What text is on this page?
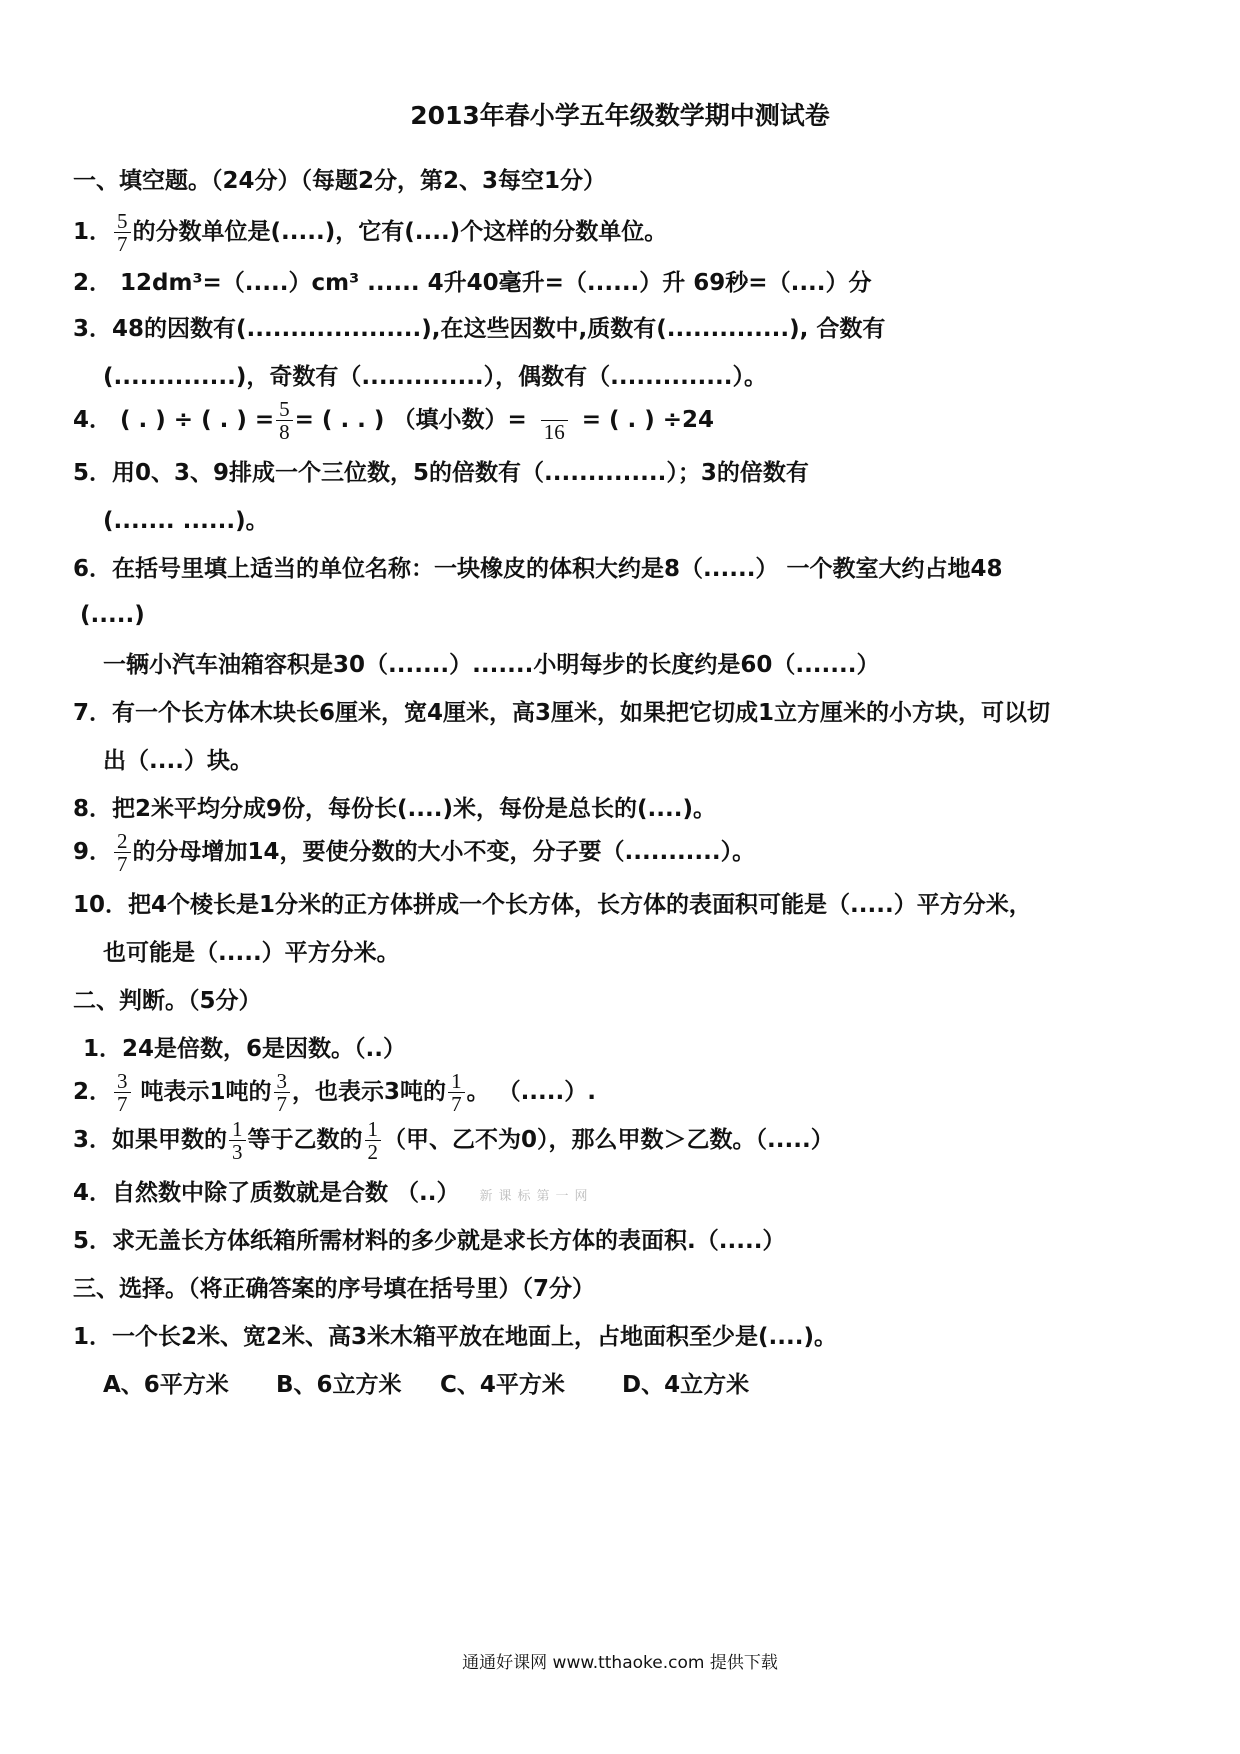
2013年春小学五年级数学期中测试卷
一、填空题。（24分）（每题2分，第2、3每空1分）
1． $\frac{5}{7}$ 的分数单位是(.....)，它有(....)个这样的分数单位。
2． 12dm³=（.....）cm³ ...... 4升40毫升=（......）升 69秒=（....）分
3．48的因数有(....................),在这些因数中,质数有(..............), 合数有
(..............)，奇数有（..............），偶数有（..............）。
4． ( . ) ÷ ( . ) = $\frac{5}{8}$ = ( . . ) （填小数）= 16 = ( . ) ÷24
5．用0、3、9排成一个三位数，5的倍数有（..............）；3的倍数有
(....... ......)。
6．在括号里填上适当的单位名称：一块橡皮的体积大约是8（......） 一个教室大约占地48
(.....)
一辆小汽车油箱容积是30（.......）.......小明每步的长度约是60（.......）
7．有一个长方体木块长6厘米，宽4厘米，高3厘米，如果把它切成1立方厘米的小方块，可以切
出（....）块。
8．把2米平均分成9份，每份长(....)米，每份是总长的(....)。
9． $\frac{2}{7}$ 的分母增加14，要使分数的大小不变，分子要（...........）。
10．把4个棱长是1分米的正方体拼成一个长方体，长方体的表面积可能是（.....）平方分米，
也可能是（.....）平方分米。
二、判断。（5分）
1．24是倍数，6是因数。（..）
2． $\frac{3}{7}$ 吨表示1吨的 $\frac{3}{7}$ ，也表示3吨的 $\frac{1}{7}$ 。 （.....）.
3．如果甲数的 $\frac{1}{3}$ 等于乙数的 $\frac{1}{2}$ （甲、乙不为0），那么甲数＞乙数。（.....）
4．自然数中除了质数就是合数 （..） 新课标第一网
5．求无盖长方体纸箱所需材料的多少就是求长方体的表面积.（.....）
三、选择。（将正确答案的序号填在括号里）（7分）
1．一个长2米、宽2米、高3米木箱平放在地面上，占地面积至少是(....)。
A、6平方米 B、6立方米 C、4平方米 D、4立方米
通通好课网 www.tthaoke.com 提供下载
